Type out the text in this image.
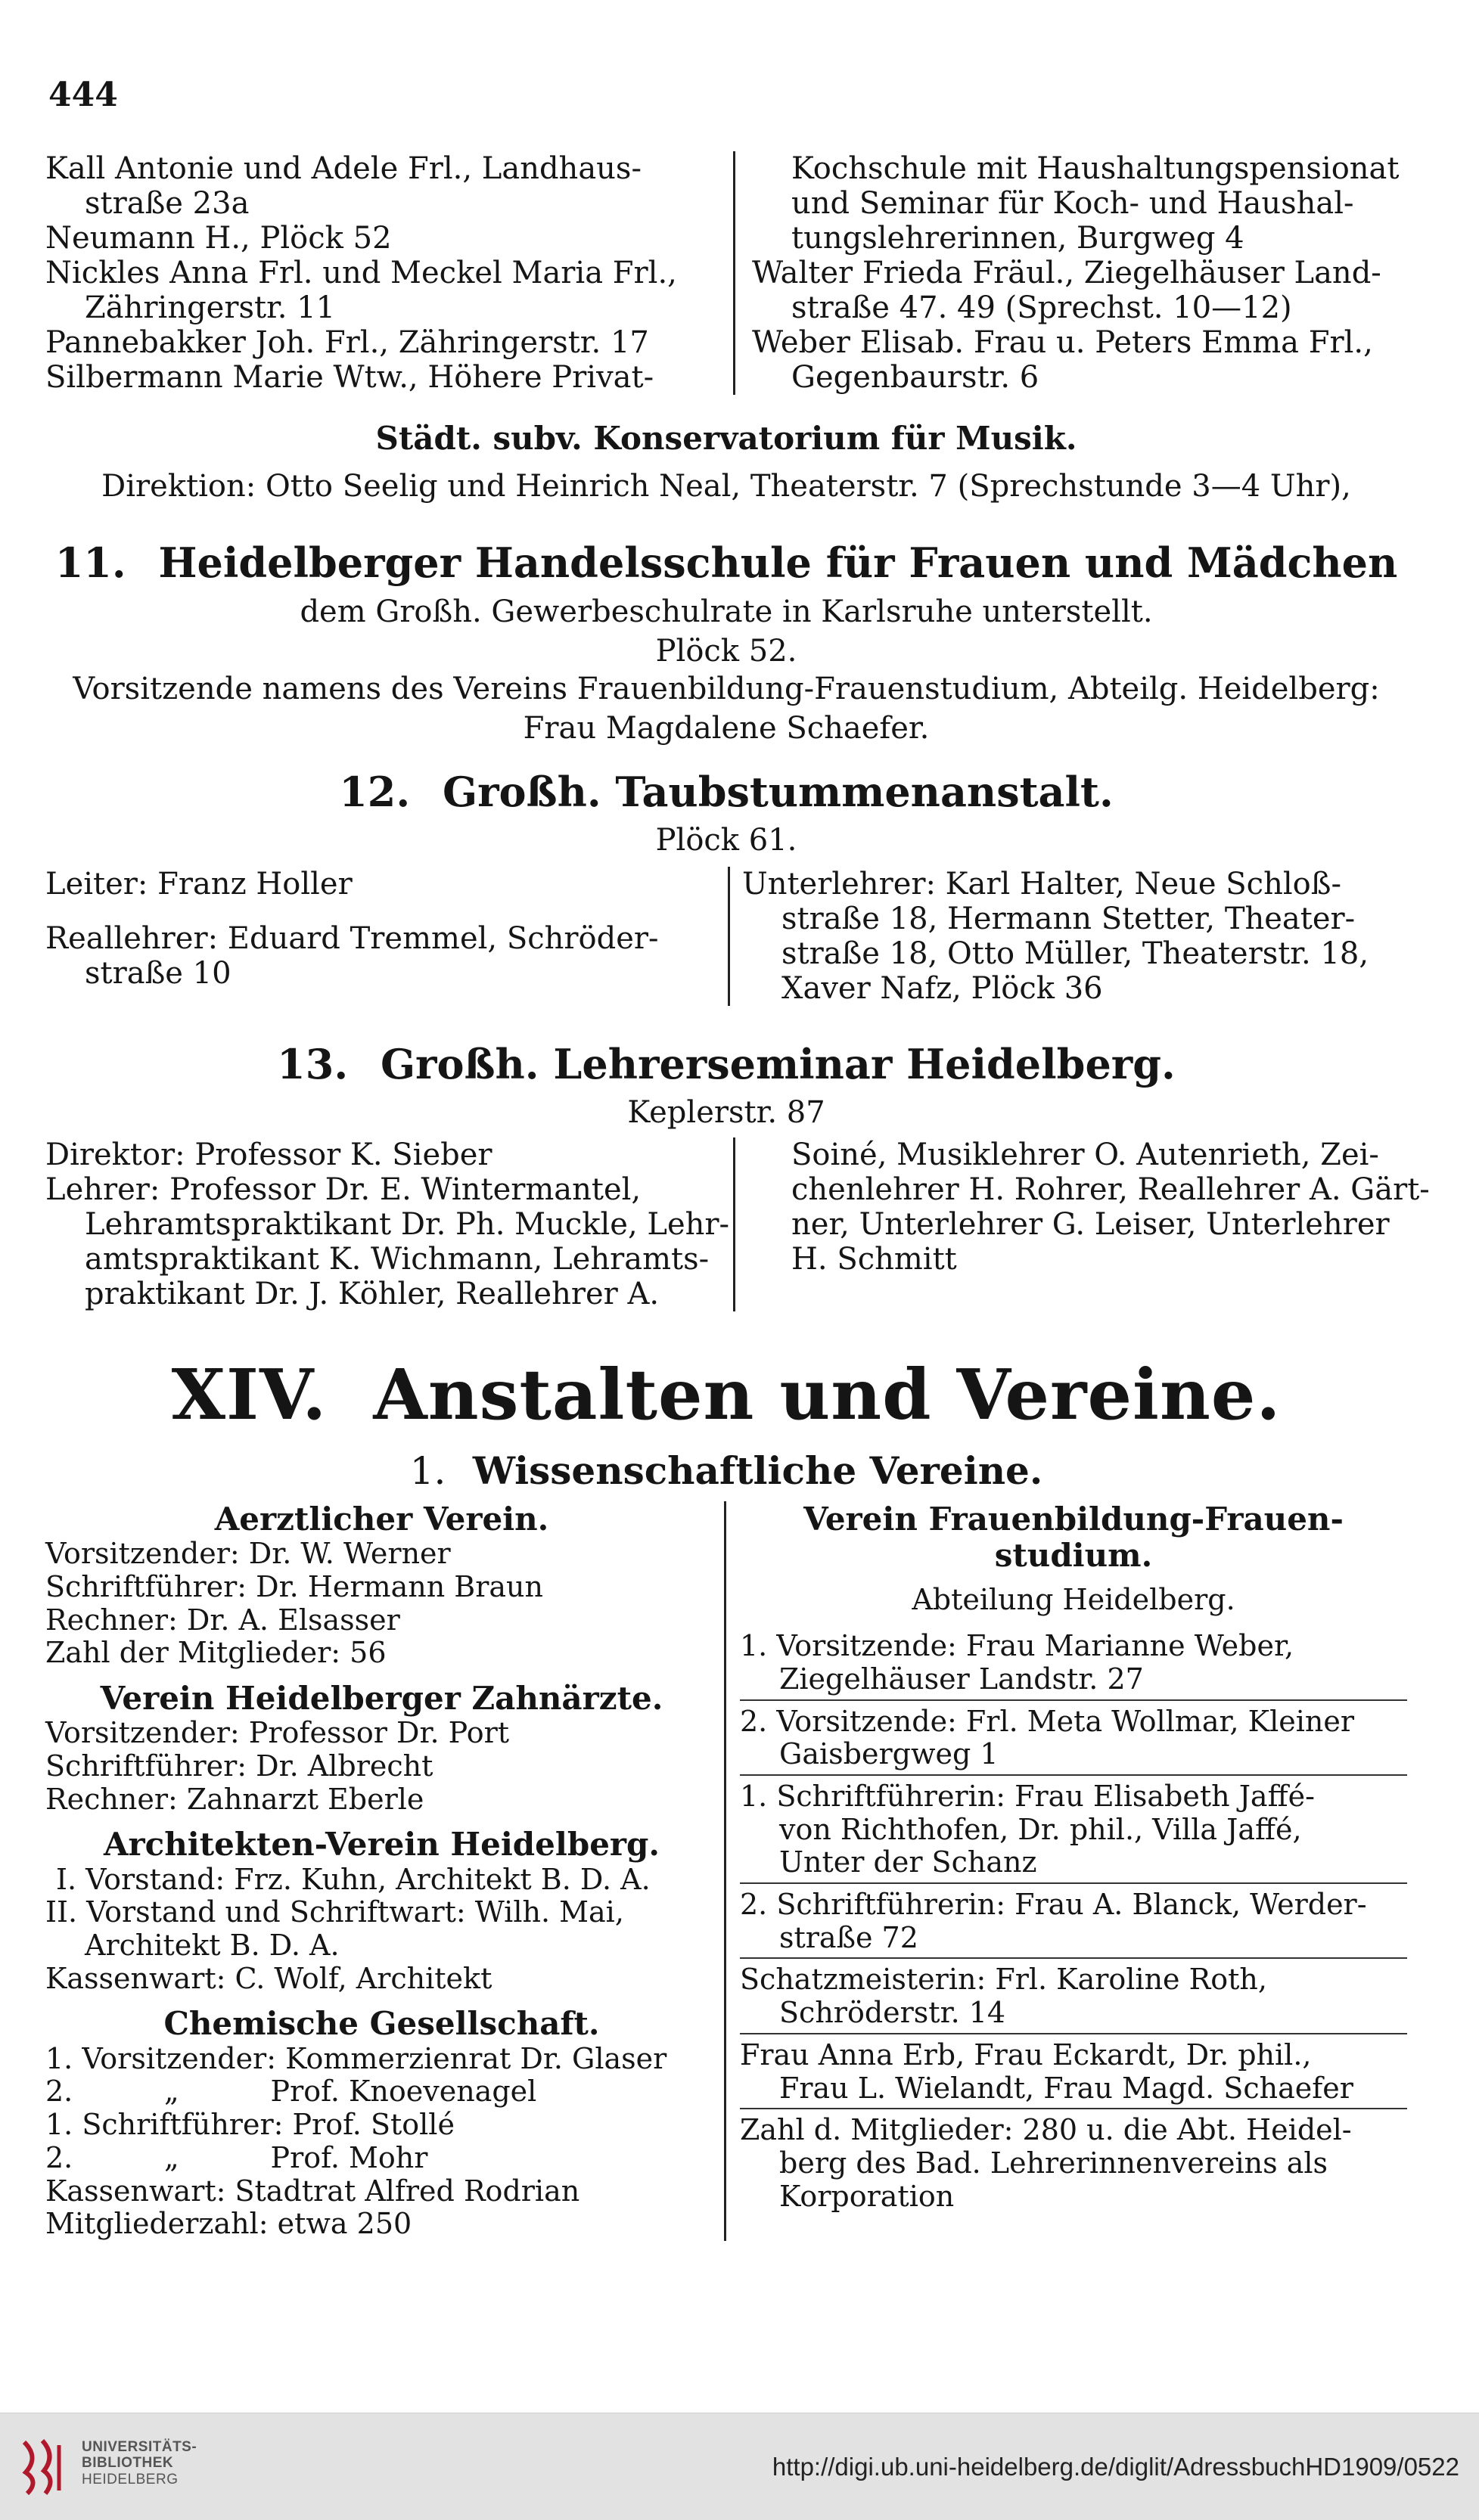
444
Kall Antonie und Adele Frl., Landhaus-
straße 23a
Neumann H., Plöck 52
Nickles Anna Frl. und Meckel Maria Frl.,
Zähringerstr. 11
Pannebakker Joh. Frl., Zähringerstr. 17
Silbermann Marie Wtw., Höhere Privat-
Kochschule mit Haushaltungspensionat
und Seminar für Koch- und Haushal-
tungslehrerinnen, Burgweg 4
Walter Frieda Fräul., Ziegelhäuser Land-
straße 47. 49 (Sprechst. 10—12)
Weber Elisab. Frau u. Peters Emma Frl.,
Gegenbaurstr. 6
Städt. subv. Konservatorium für Musik.
Direktion: Otto Seelig und Heinrich Neal, Theaterstr. 7 (Sprechstunde 3—4 Uhr),
11. Heidelberger Handelsschule für Frauen und Mädchen
dem Großh. Gewerbeschulrate in Karlsruhe unterstellt.
Plöck 52.
Vorsitzende namens des Vereins Frauenbildung-Frauenstudium, Abteilg. Heidelberg:
Frau Magdalene Schaefer.
12. Großh. Taubstummenanstalt.
Plöck 61.
Leiter: Franz Holler
Reallehrer: Eduard Tremmel, Schröder-
straße 10
Unterlehrer: Karl Halter, Neue Schloß-
straße 18, Hermann Stetter, Theater-
straße 18, Otto Müller, Theaterstr. 18,
Xaver Nafz, Plöck 36
13. Großh. Lehrerseminar Heidelberg.
Keplerstr. 87
Direktor: Professor K. Sieber
Lehrer: Professor Dr. E. Wintermantel,
Lehramtspraktikant Dr. Ph. Muckle, Lehr-
amtspraktikant K. Wichmann, Lehramts-
praktikant Dr. J. Köhler, Reallehrer A.
Soiné, Musiklehrer O. Autenrieth, Zei-
chenlehrer H. Rohrer, Reallehrer A. Gärt-
ner, Unterlehrer G. Leiser, Unterlehrer
H. Schmitt
XIV. Anstalten und Vereine.
1. Wissenschaftliche Vereine.
Aerztlicher Verein.
Vorsitzender: Dr. W. Werner
Schriftführer: Dr. Hermann Braun
Rechner: Dr. A. Elsasser
Zahl der Mitglieder: 56
Verein Heidelberger Zahnärzte.
Vorsitzender: Professor Dr. Port
Schriftführer: Dr. Albrecht
Rechner: Zahnarzt Eberle
Architekten-Verein Heidelberg.
I. Vorstand: Frz. Kuhn, Architekt B. D. A.
II. Vorstand und Schriftwart: Wilh. Mai,
Architekt B. D. A.
Kassenwart: C. Wolf, Architekt
Chemische Gesellschaft.
1. Vorsitzender: Kommerzienrat Dr. Glaser
2.          „          Prof. Knoevenagel
1. Schriftführer: Prof. Stollé
2.          „          Prof. Mohr
Kassenwart: Stadtrat Alfred Rodrian
Mitgliederzahl: etwa 250
Verein Frauenbildung-Frauen-
studium.
Abteilung Heidelberg.
1. Vorsitzende: Frau Marianne Weber,
Ziegelhäuser Landstr. 27
2. Vorsitzende: Frl. Meta Wollmar, Kleiner
Gaisbergweg 1
1. Schriftführerin: Frau Elisabeth Jaffé-
von Richthofen, Dr. phil., Villa Jaffé,
Unter der Schanz
2. Schriftführerin: Frau A. Blanck, Werder-
straße 72
Schatzmeisterin: Frl. Karoline Roth,
Schröderstr. 14
Frau Anna Erb, Frau Eckardt, Dr. phil.,
Frau L. Wielandt, Frau Magd. Schaefer
Zahl d. Mitglieder: 280 u. die Abt. Heidel-
berg des Bad. Lehrerinnenvereins als
Korporation
UNIVERSITÄTS-
BIBLIOTHEK
HEIDELBERG	http://digi.ub.uni-heidelberg.de/diglit/AdressbuchHD1909/0522
